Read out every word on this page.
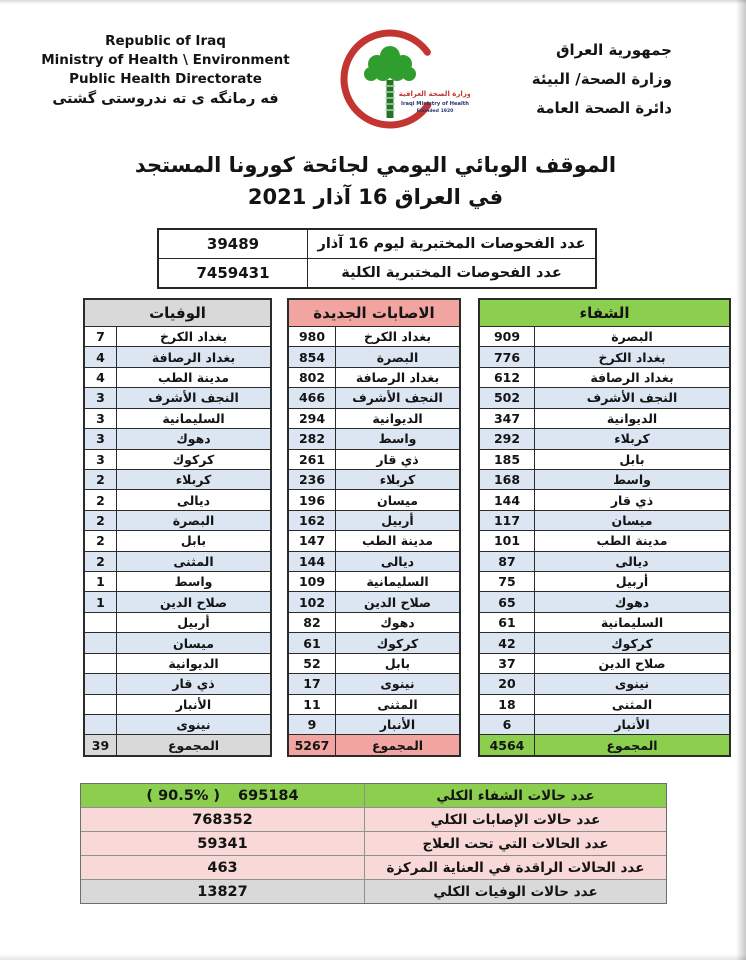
Republic of Iraq
Ministry of Health \ Environment
Public Health Directorate
فه رمانگه ی ته ندروستی گشتی	وزارة الصحة العراقية
Iraqi Ministry of Health
Founded 1920
جمهورية العراق
وزارة الصحة/ البيئة
دائرة الصحة العامة
الموقف الوبائي اليومي لجائحة كورونا المستجد
في العراق 16 آذار 2021
39489	عدد الفحوصات المختبرية ليوم 16 آذار
7459431	عدد الفحوصات المختبرية الكلية
الوفيات
7	بغداد الكرخ
4	بغداد الرصافة
4	مدينة الطب
3	النجف الأشرف
3	السليمانية
3	دهوك
3	كركوك
2	كربلاء
2	ديالى
2	البصرة
2	بابل
2	المثنى
1	واسط
1	صلاح الدين
أربيل
ميسان
الديوانية
ذي قار
الأنبار
نينوى
39	المجموع
الاصابات الجديدة
980	بغداد الكرخ
854	البصرة
802	بغداد الرصافة
466	النجف الأشرف
294	الديوانية
282	واسط
261	ذي قار
236	كربلاء
196	ميسان
162	أربيل
147	مدينة الطب
144	ديالى
109	السليمانية
102	صلاح الدين
82	دهوك
61	كركوك
52	بابل
17	نينوى
11	المثنى
9	الأنبار
5267	المجموع
الشفاء
909	البصرة
776	بغداد الكرخ
612	بغداد الرصافة
502	النجف الأشرف
347	الديوانية
292	كربلاء
185	بابل
168	واسط
144	ذي قار
117	ميسان
101	مدينة الطب
87	ديالى
75	أربيل
65	دهوك
61	السليمانية
42	كركوك
37	صلاح الدين
20	نينوى
18	المثنى
6	الأنبار
4564	المجموع
( 90.5% ) 695184	عدد حالات الشفاء الكلي
768352	عدد حالات الإصابات الكلي
59341	عدد الحالات التي تحت العلاج
463	عدد الحالات الراقدة في العناية المركزة
13827	عدد حالات الوفيات الكلي
